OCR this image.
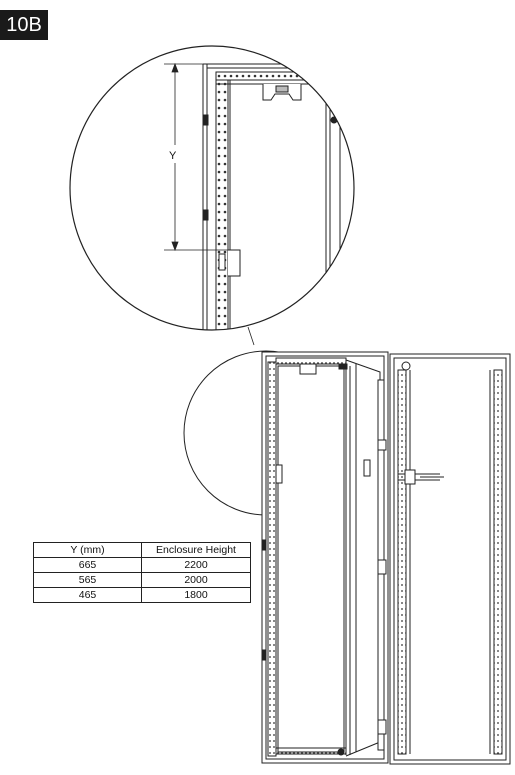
10B
Y
Y (mm)	Enclosure Height
665	2200
565	2000
465	1800
